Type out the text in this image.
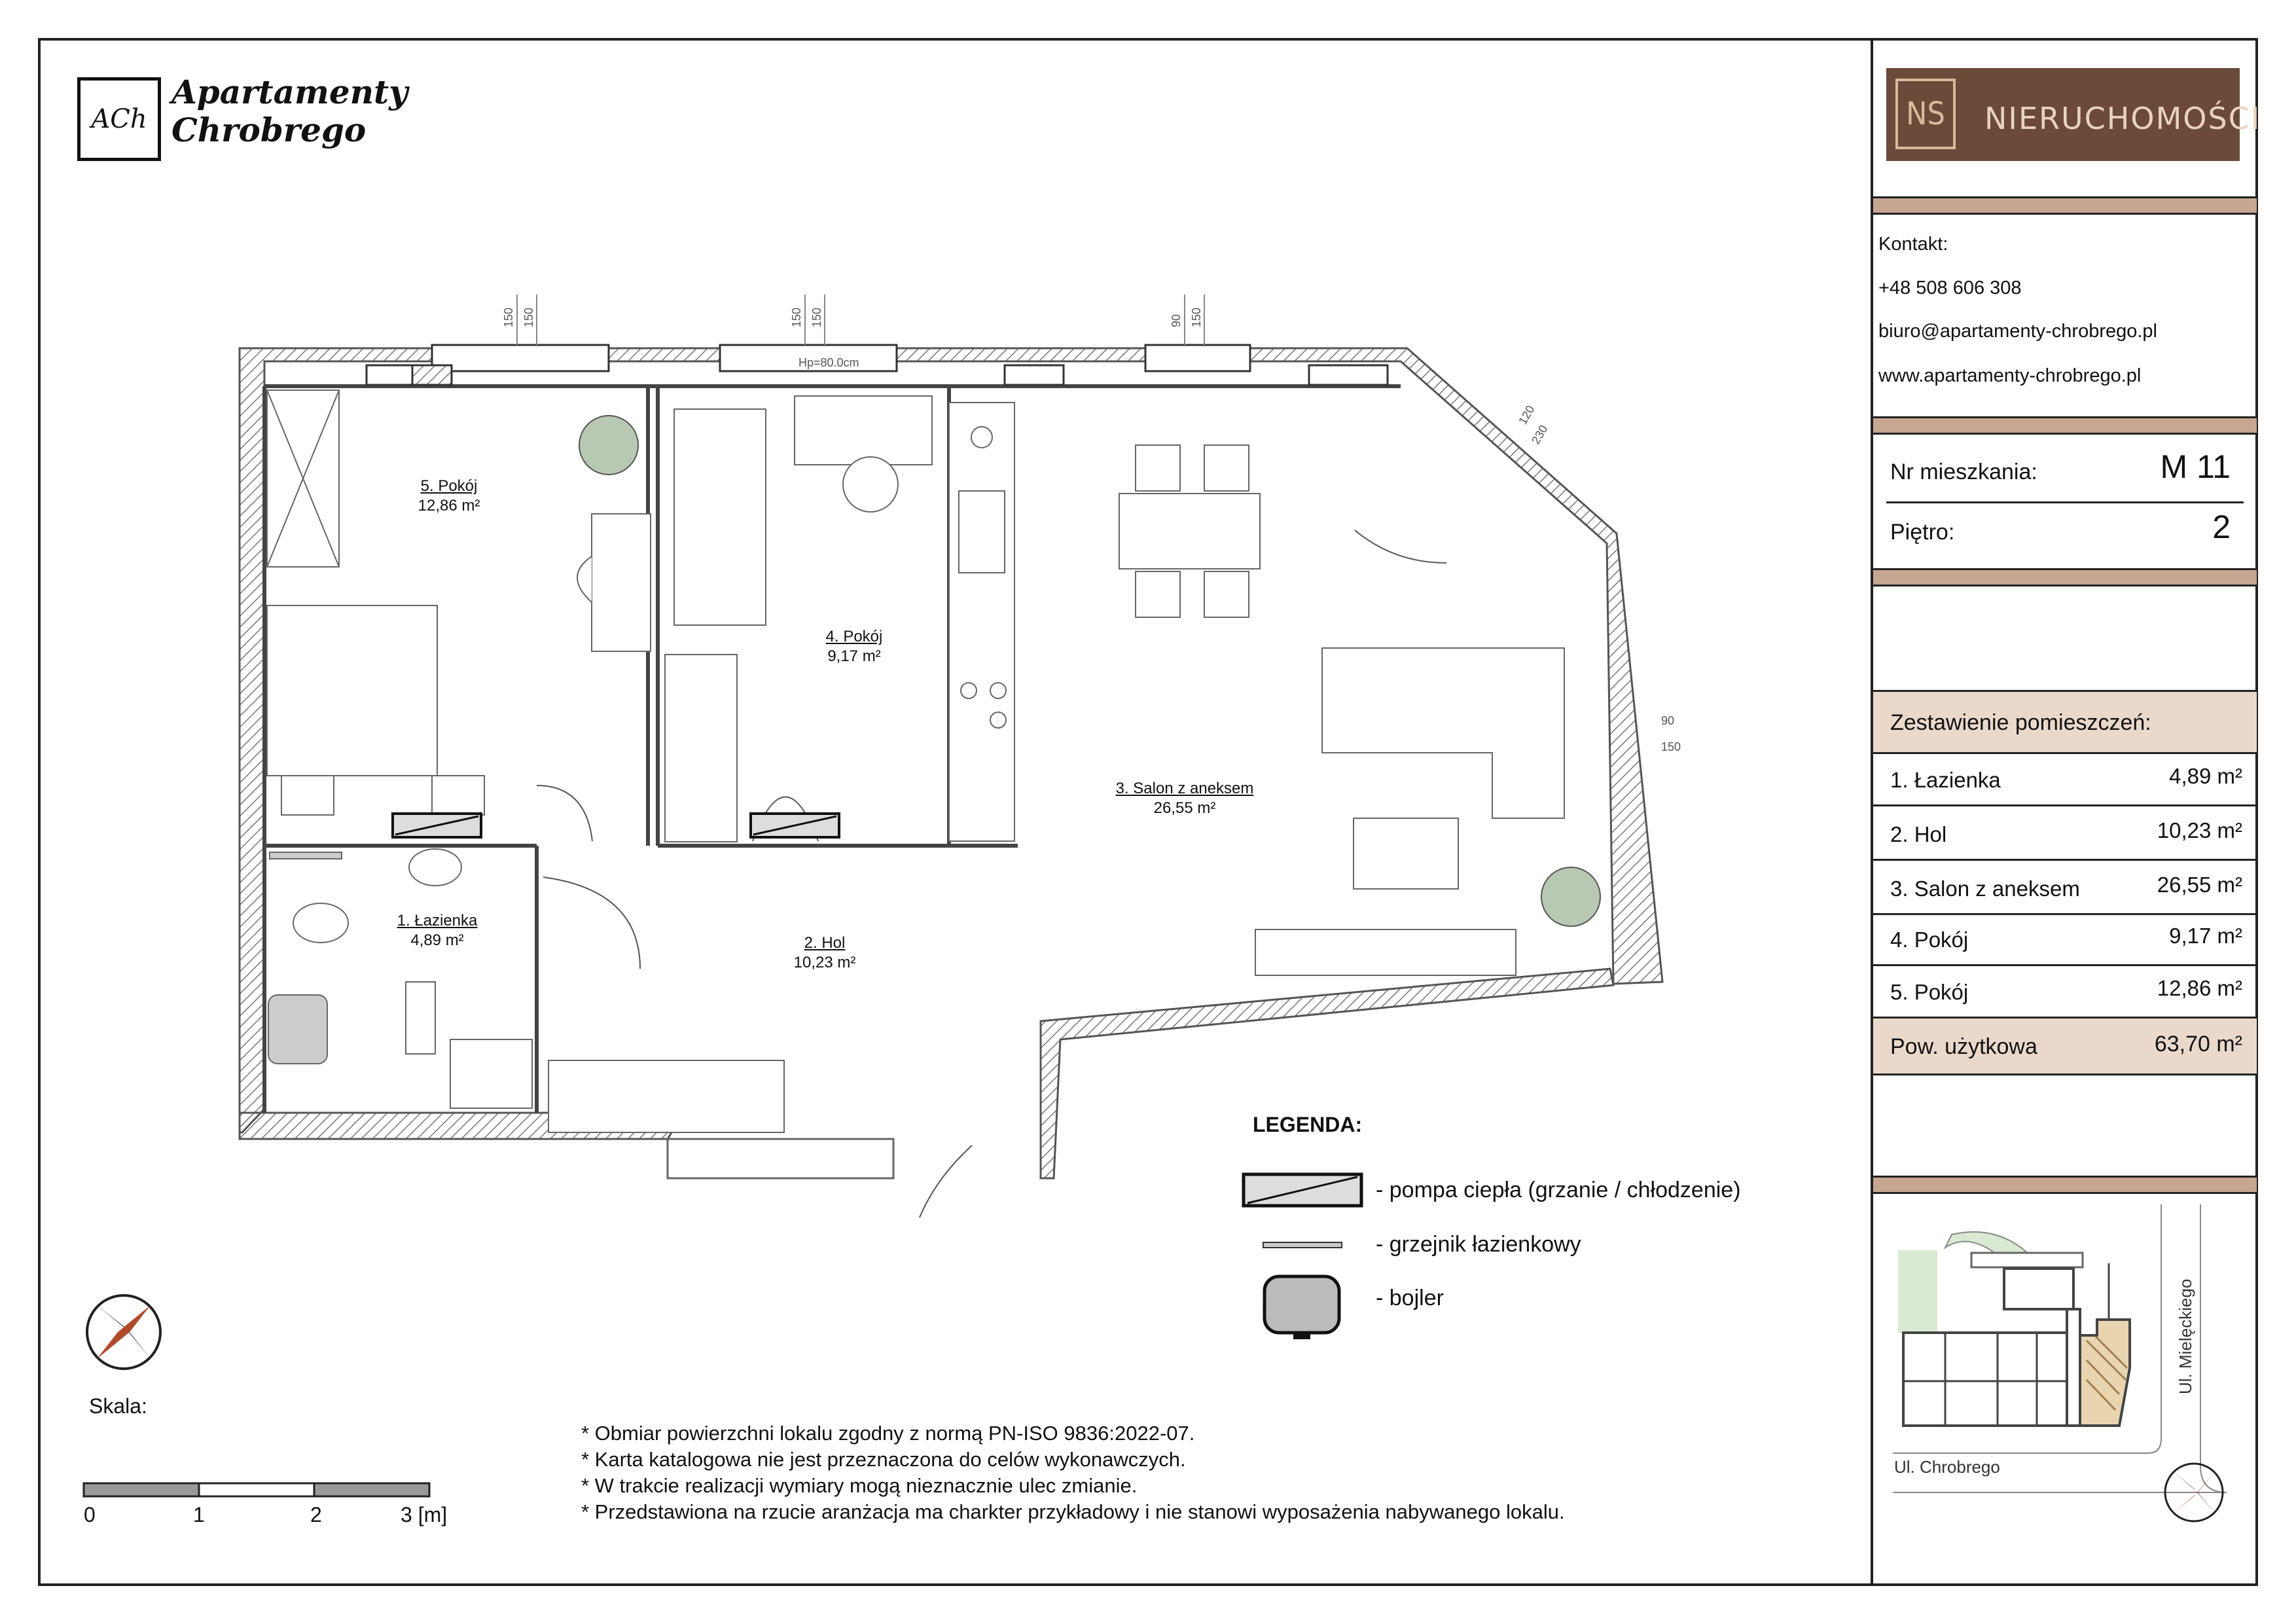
ACh
Apartamenty
Chrobrego	NS	NIERUCHOMOŚCI
Kontakt:
+48 508 606 308
biuro@apartamenty-chrobrego.pl
www.apartamenty-chrobrego.pl
Nr mieszkania:	M 11
Piętro:	2
Zestawienie pomieszczeń:
1. Łazienka	4,89 m²
2. Hol	10,23 m²
3. Salon z aneksem	26,55 m²
4. Pokój	9,17 m²
5. Pokój	12,86 m²
Pow. użytkowa	63,70 m²
Ul. Mielęckiego
Ul. Chrobrego
150 150	150 150	90 150
120
230
90
150
Hp=80.0cm
5. Pokój
12,86 m²
4. Pokój
9,17 m²
3. Salon z aneksem
26,55 m²
1. Łazienka
4,89 m²	2. Hol
10,23 m²
LEGENDA:
- pompa ciepła (grzanie / chłodzenie)
- grzejnik łazienkowy
- bojler
Skala:
0	1	2	3 [m]
* Obmiar powierzchni lokalu zgodny z normą PN-ISO 9836:2022-07.
* Karta katalogowa nie jest przeznaczona do celów wykonawczych.
* W trakcie realizacji wymiary mogą nieznacznie ulec zmianie.
* Przedstawiona na rzucie aranżacja ma charkter przykładowy i nie stanowi wyposażenia nabywanego lokalu.
